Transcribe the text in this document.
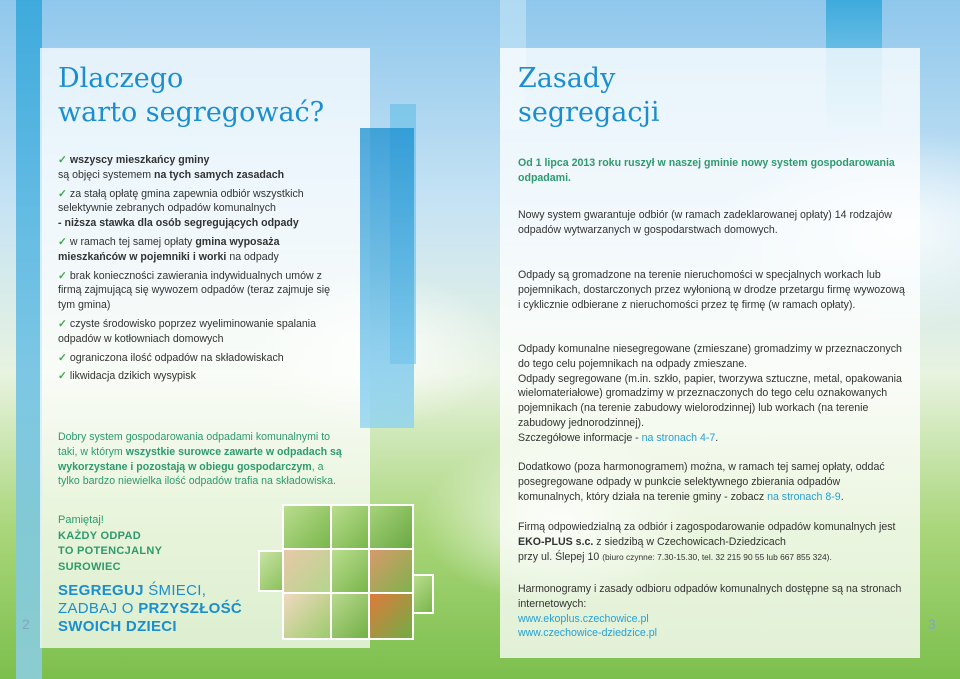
Dlaczego
warto segregować?
✓ wszyscy mieszkańcy gminy
są objęci systemem na tych samych zasadach
✓ za stałą opłatę gmina zapewnia odbiór wszystkich selektywnie zebranych odpadów komunalnych
- niższa stawka dla osób segregujących odpady
✓ w ramach tej samej opłaty gmina wyposaża mieszkańców w pojemniki i worki na odpady
✓ brak konieczności zawierania indywidualnych umów z firmą zajmującą się wywozem odpadów (teraz zajmuje się tym gmina)
✓ czyste środowisko poprzez wyeliminowanie spalania odpadów w kotłowniach domowych
✓ ograniczona ilość odpadów na składowiskach
✓ likwidacja dzikich wysypisk
Dobry system gospodarowania odpadami komunalnymi to taki, w którym wszystkie surowce zawarte w odpadach są wykorzystane i pozostają w obiegu gospodarczym, a tylko bardzo niewielka ilość odpadów trafia na składowiska.
Pamiętaj!
KAŻDY ODPAD
TO POTENCJALNY
SUROWIEC
SEGREGUJ ŚMIECI,
ZADBAJ O PRZYSZŁOŚĆ
SWOICH DZIECI
2
Zasady
segregacji
Od 1 lipca 2013 roku ruszył w naszej gminie nowy system gospodarowania odpadami.
Nowy system gwarantuje odbiór (w ramach zadeklarowanej opłaty) 14 rodzajów odpadów wytwarzanych w gospodarstwach domowych.
Odpady są gromadzone na terenie nieruchomości w specjalnych workach lub pojemnikach, dostarczonych przez wyłonioną w drodze przetargu firmę wywozową i cyklicznie odbierane z nieruchomości przez tę firmę (w ramach opłaty).
Odpady komunalne niesegregowane (zmieszane) gromadzimy w przeznaczonych do tego celu pojemnikach na odpady zmieszane.
Odpady segregowane (m.in. szkło, papier, tworzywa sztuczne, metal, opakowania wielomateriałowe) gromadzimy w przeznaczonych do tego celu oznakowanych pojemnikach (na terenie zabudowy wielorodzinnej) lub workach (na terenie zabudowy jednorodzinnej).
Szczegółowe informacje - na stronach 4-7.
Dodatkowo (poza harmonogramem) można, w ramach tej samej opłaty, oddać posegregowane odpady w punkcie selektywnego zbierania odpadów komunalnych, który działa na terenie gminy - zobacz na stronach 8-9.
Firmą odpowiedzialną za odbiór i zagospodarowanie odpadów komunalnych jest EKO-PLUS s.c. z siedzibą w Czechowicach-Dziedzicach
przy ul. Ślepej 10 (biuro czynne: 7.30-15.30, tel. 32 215 90 55 lub 667 855 324).
Harmonogramy i zasady odbioru odpadów komunalnych dostępne są na stronach internetowych:
www.ekoplus.czechowice.pl
www.czechowice-dziedzice.pl
3
